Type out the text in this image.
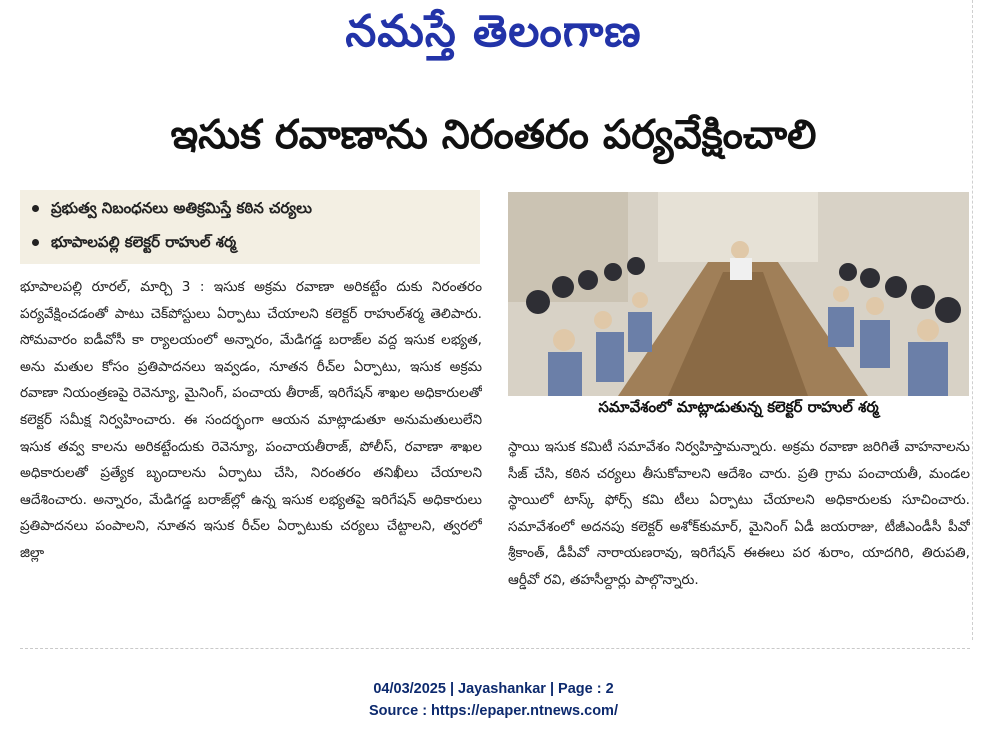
నమస్తే తెలంగాణ
ఇసుక రవాణాను నిరంతరం పర్యవేక్షించాలి
ప్రభుత్వ నిబంధనలు అతిక్రమిస్తే కఠిన చర్యలు
భూపాలపల్లి కలెక్టర్ రాహుల్ శర్మ
భూపాలపల్లి రూరల్, మార్చి 3 : ఇసుక అక్రమ రవాణా అరికట్టేం దుకు నిరంతరం పర్యవేక్షించడంతో పాటు చెక్‌పోస్టులు ఏర్పాటు చేయాలని కలెక్టర్ రాహుల్‌శర్మ తెలిపారు. సోమవారం ఐడీవోసీ కా ర్యాలయంలో అన్నారం, మేడిగడ్డ బరాజ్‌ల వద్ద ఇసుక లభ్యత, అను మతుల కోసం ప్రతిపాదనలు ఇవ్వడం, నూతన రీచ్‌ల ఏర్పాటు, ఇసుక అక్రమ రవాణా నియంత్రణపై రెవెన్యూ, మైనింగ్, పంచాయ తీరాజ్, ఇరిగేషన్ శాఖల అధికారులతో కలెక్టర్ సమీక్ష నిర్వహించారు. ఈ సందర్భంగా ఆయన మాట్లాడుతూ అనుమతులులేని ఇసుక తవ్వ కాలను అరికట్టేందుకు రెవెన్యూ, పంచాయతీరాజ్, పోలీస్, రవాణా శాఖల అధికారులతో ప్రత్యేక బృందాలను ఏర్పాటు చేసి, నిరంతరం తనిఖీలు చేయాలని ఆదేశించారు. అన్నారం, మేడిగడ్డ బరాజ్‌ల్లో ఉన్న ఇసుక లభ్యతపై ఇరిగేషన్ అధికారులు ప్రతిపాదనలు పంపాలని, నూతన ఇసుక రీచ్‌ల ఏర్పాటుకు చర్యలు చేట్టాలని, త్వరలో జిల్లా
సమావేశంలో మాట్లాడుతున్న కలెక్టర్ రాహుల్ శర్మ
స్థాయి ఇసుక కమిటీ సమావేశం నిర్వహిస్తామన్నారు. అక్రమ రవాణా జరిగితే వాహనాలను సీజ్ చేసి, కఠిన చర్యలు తీసుకోవాలని ఆదేశిం చారు. ప్రతి గ్రామ పంచాయతీ, మండల స్థాయిలో టాస్క్ ఫోర్స్ కమి టీలు ఏర్పాటు చేయాలని అధికారులకు సూచించారు. సమావేశంలో అదనపు కలెక్టర్ అశోక్‌కుమార్, మైనింగ్ ఏడీ జయరాజు, టీజీఎండీసీ పీవో శ్రీకాంత్, డీపీవో నారాయణరావు, ఇరిగేషన్ ఈఈలు పర శురాం, యాదగిరి, తిరుపతి, ఆర్డీవో రవి, తహసీల్దార్లు పాల్గొన్నారు.
04/03/2025 | Jayashankar | Page : 2
Source : https://epaper.ntnews.com/
